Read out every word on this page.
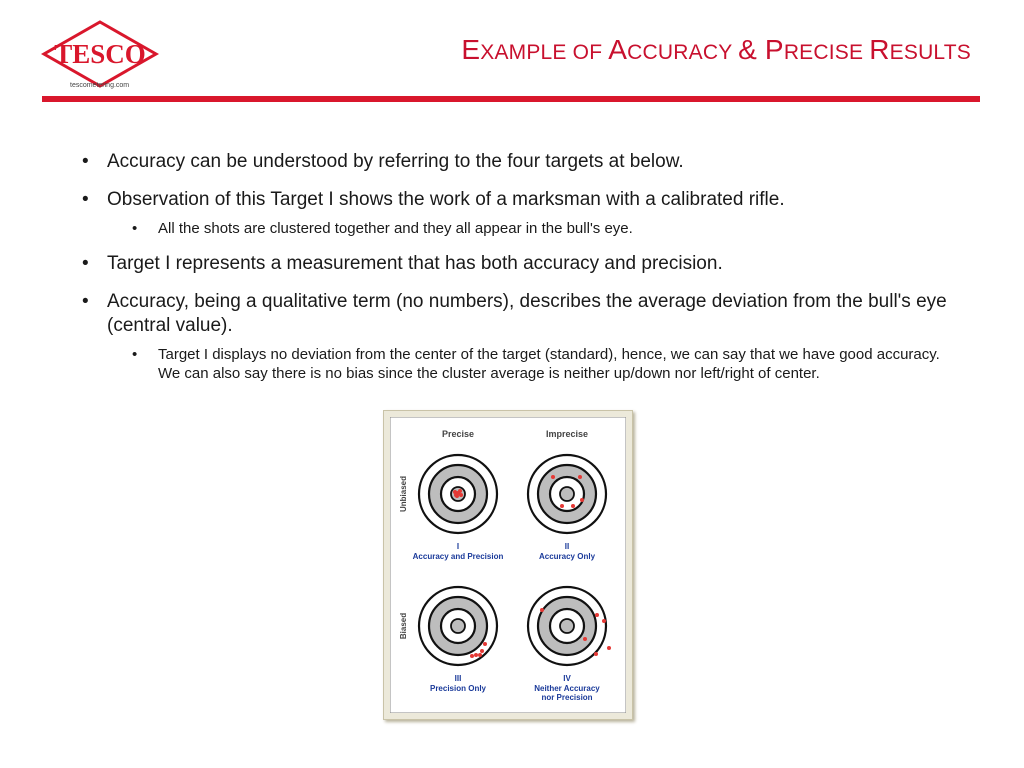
TESCO
tescometering.com
EXAMPLE OF ACCURACY & PRECISE RESULTS
• Accuracy can be understood by referring to the four targets at below.
• Observation of this Target I shows the work of a marksman with a calibrated rifle.
• All the shots are clustered together and they all appear in the bull's eye.
• Target I represents a measurement that has both accuracy and precision.
• Accuracy, being a qualitative term (no numbers), describes the average deviation from the bull's eye (central value).
• Target I displays no deviation from the center of the target (standard), hence, we can say that we have good accuracy. We can also say there is no bias since the cluster average is neither up/down nor left/right of center.
Precise	Imprecise
Unbiased
Biased
I
Accuracy and Precision
II
Accuracy Only
III
Precision Only
IV
Neither Accuracy
nor Precision
